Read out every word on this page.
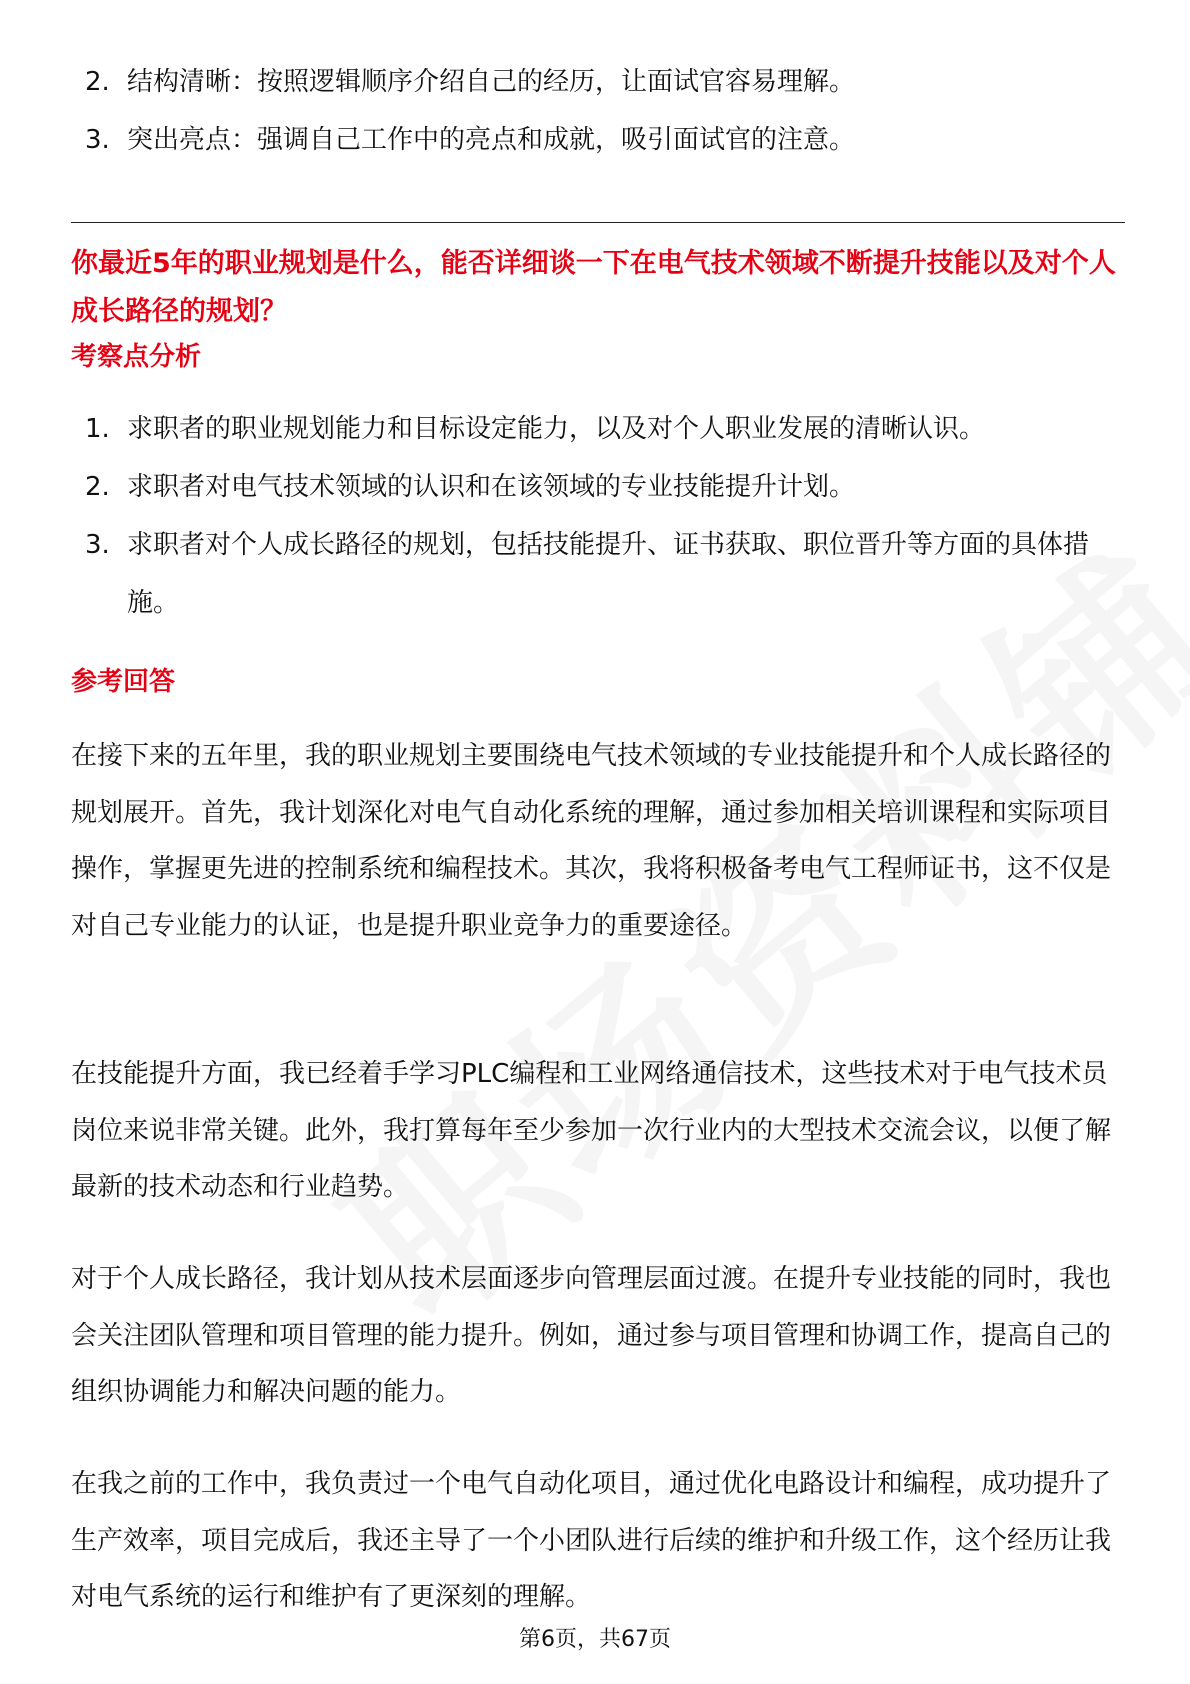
2. 结构清晰：按照逻辑顺序介绍自己的经历，让面试官容易理解。
3. 突出亮点：强调自己工作中的亮点和成就，吸引面试官的注意。
你最近5年的职业规划是什么，能否详细谈一下在电气技术领域不断提升技能以及对个人成长路径的规划？
考察点分析
1. 求职者的职业规划能力和目标设定能力，以及对个人职业发展的清晰认识。
2. 求职者对电气技术领域的认识和在该领域的专业技能提升计划。
3. 求职者对个人成长路径的规划，包括技能提升、证书获取、职位晋升等方面的具体措施。
参考回答

在接下来的五年里，我的职业规划主要围绕电气技术领域的专业技能提升和个人成长路径的规划展开。首先，我计划深化对电气自动化系统的理解，通过参加相关培训课程和实际项目操作，掌握更先进的控制系统和编程技术。其次，我将积极备考电气工程师证书，这不仅是对自己专业能力的认证，也是提升职业竞争力的重要途径。

在技能提升方面，我已经着手学习PLC编程和工业网络通信技术，这些技术对于电气技术员岗位来说非常关键。此外，我打算每年至少参加一次行业内的大型技术交流会议，以便了解最新的技术动态和行业趋势。

对于个人成长路径，我计划从技术层面逐步向管理层面过渡。在提升专业技能的同时，我也会关注团队管理和项目管理的能力提升。例如，通过参与项目管理和协调工作，提高自己的组织协调能力和解决问题的能力。

在我之前的工作中，我负责过一个电气自动化项目，通过优化电路设计和编程，成功提升了生产效率，项目完成后，我还主导了一个小团队进行后续的维护和升级工作，这个经历让我对电气系统的运行和维护有了更深刻的理解。

第6页，共67页
